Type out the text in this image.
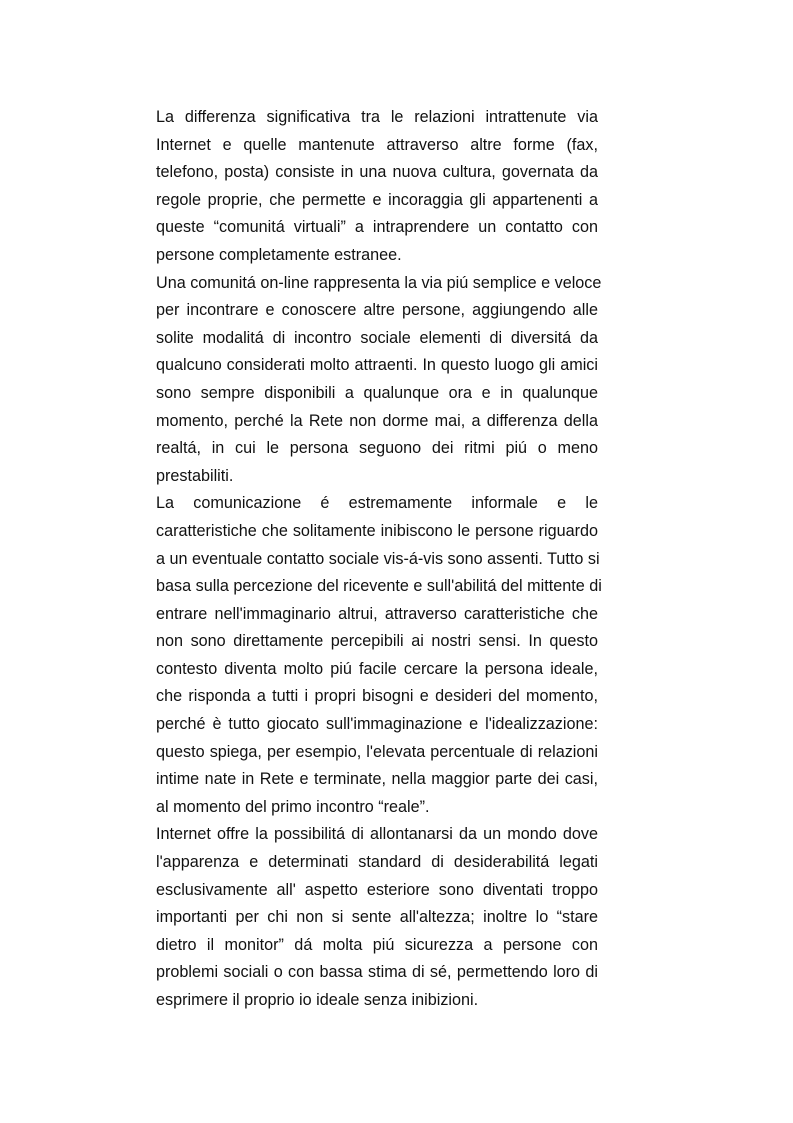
La differenza significativa tra le relazioni intrattenute via
Internet e quelle mantenute attraverso altre forme (fax,
telefono, posta) consiste in una nuova cultura, governata da
regole proprie, che permette e incoraggia gli appartenenti a
queste “comunitá virtuali” a intraprendere un contatto con
persone completamente estranee.

Una comunitá on-line rappresenta la via piú semplice e veloce
per incontrare e conoscere altre persone, aggiungendo alle
solite modalitá di incontro sociale elementi di diversitá da
qualcuno considerati molto attraenti. In questo luogo gli amici
sono sempre disponibili a qualunque ora e in qualunque
momento, perché la Rete non dorme mai, a differenza della
realtá, in cui le persona seguono dei ritmi piú o meno
prestabiliti.

La comunicazione é estremamente informale e le
caratteristiche che solitamente inibiscono le persone riguardo
a un eventuale contatto sociale vis-á-vis sono assenti. Tutto si
basa sulla percezione del ricevente e sull'abilitá del mittente di
entrare nell'immaginario altrui, attraverso caratteristiche che
non sono direttamente percepibili ai nostri sensi. In questo
contesto diventa molto piú facile cercare la persona ideale,
che risponda a tutti i propri bisogni e desideri del momento,
perché è tutto giocato sull'immaginazione e l'idealizzazione:
questo spiega, per esempio, l'elevata percentuale di relazioni
intime nate in Rete e terminate, nella maggior parte dei casi,
al momento del primo incontro “reale”.

Internet offre la possibilitá di allontanarsi da un mondo dove
l'apparenza e determinati standard di desiderabilitá legati
esclusivamente all' aspetto esteriore sono diventati troppo
importanti per chi non si sente all'altezza; inoltre lo “stare
dietro il monitor” dá molta piú sicurezza a persone con
problemi sociali o con bassa stima di sé, permettendo loro di
esprimere il proprio io ideale senza inibizioni.
